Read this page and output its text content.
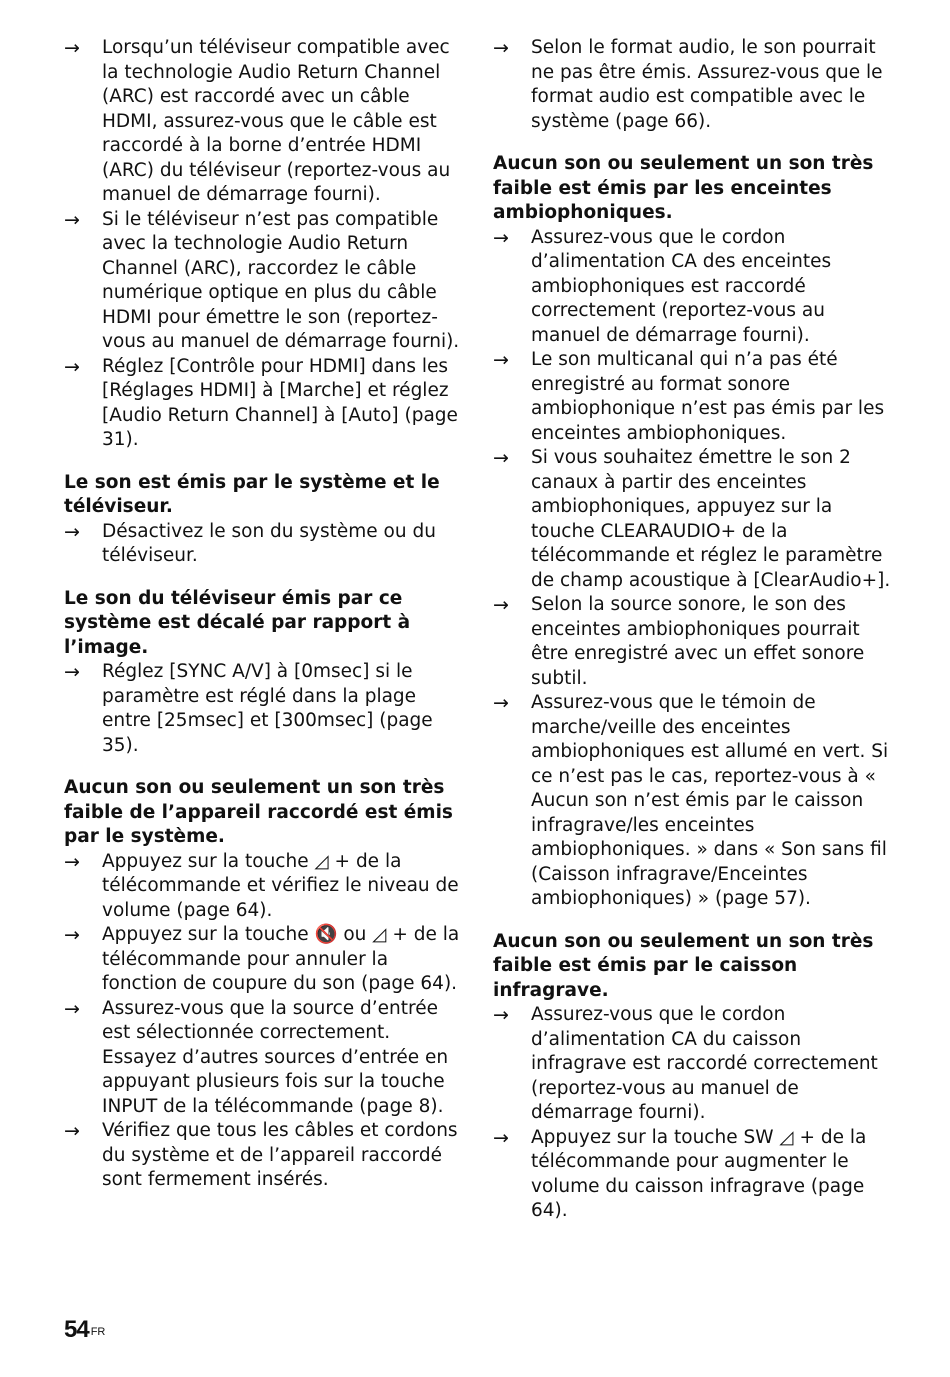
→	Lorsqu’un téléviseur compatible avec la technologie Audio Return Channel (ARC) est raccordé avec un câble HDMI, assurez-vous que le câble est raccordé à la borne d’entrée HDMI (ARC) du téléviseur (reportez-vous au manuel de démarrage fourni).
→	Si le téléviseur n’est pas compatible avec la technologie Audio Return Channel (ARC), raccordez le câble numérique optique en plus du câble HDMI pour émettre le son (reportez-vous au manuel de démarrage fourni).
→	Réglez [Contrôle pour HDMI] dans les [Réglages HDMI] à [Marche] et réglez [Audio Return Channel] à [Auto] (page 31).

Le son est émis par le système et le téléviseur.

→	Désactivez le son du système ou du téléviseur.

Le son du téléviseur émis par ce système est décalé par rapport à l’image.

→	Réglez [SYNC A/V] à [0msec] si le paramètre est réglé dans la plage entre [25msec] et [300msec] (page 35).

Aucun son ou seulement un son très faible de l’appareil raccordé est émis par le système.

→	Appuyez sur la touche ◿ + de la télécommande et vérifiez le niveau de volume (page 64).
→	Appuyez sur la touche 🔇 ou ◿ + de la télécommande pour annuler la fonction de coupure du son (page 64).
→	Assurez-vous que la source d’entrée est sélectionnée correctement. Essayez d’autres sources d’entrée en appuyant plusieurs fois sur la touche INPUT de la télécommande (page 8).
→	Vérifiez que tous les câbles et cordons du système et de l’appareil raccordé sont fermement insérés.
→	Selon le format audio, le son pourrait ne pas être émis. Assurez-vous que le format audio est compatible avec le système (page 66).

Aucun son ou seulement un son très faible est émis par les enceintes ambiophoniques.

→	Assurez-vous que le cordon d’alimentation CA des enceintes ambiophoniques est raccordé correctement (reportez-vous au manuel de démarrage fourni).
→	Le son multicanal qui n’a pas été enregistré au format sonore ambiophonique n’est pas émis par les enceintes ambiophoniques.
→	Si vous souhaitez émettre le son 2 canaux à partir des enceintes ambiophoniques, appuyez sur la touche CLEARAUDIO+ de la télécommande et réglez le paramètre de champ acoustique à [ClearAudio+].
→	Selon la source sonore, le son des enceintes ambiophoniques pourrait être enregistré avec un effet sonore subtil.
→	Assurez-vous que le témoin de marche/veille des enceintes ambiophoniques est allumé en vert. Si ce n’est pas le cas, reportez-vous à « Aucun son n’est émis par le caisson infragrave/les enceintes ambiophoniques. » dans « Son sans fil (Caisson infragrave/Enceintes ambiophoniques) » (page 57).

Aucun son ou seulement un son très faible est émis par le caisson infragrave.

→	Assurez-vous que le cordon d’alimentation CA du caisson infragrave est raccordé correctement (reportez-vous au manuel de démarrage fourni).
→	Appuyez sur la touche SW ◿ + de la télécommande pour augmenter le volume du caisson infragrave (page 64).
54 $^{FR}$
